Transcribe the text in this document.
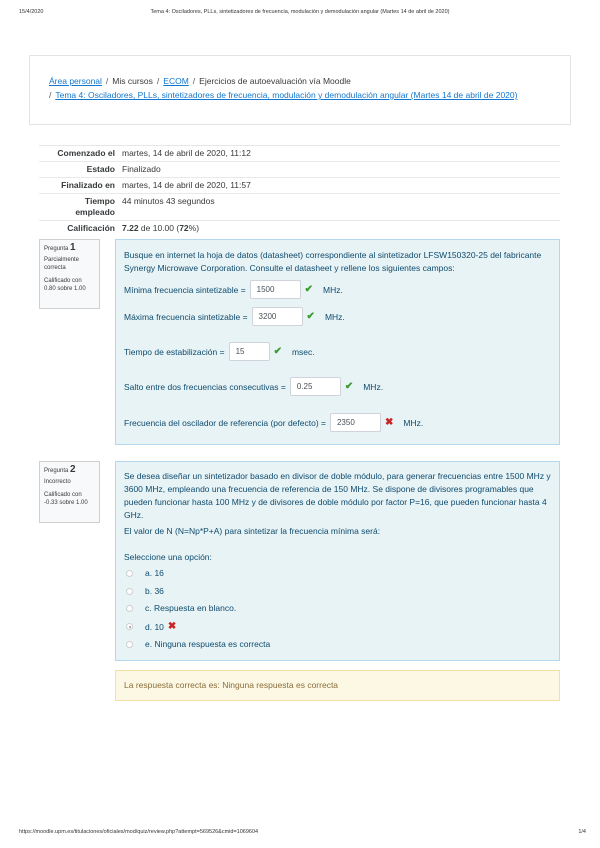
15/4/2020	Tema 4: Osciladores, PLLs, sintetizadores de frecuencia, modulación y demodulación angular (Martes 14 de abril de 2020)
Área personal / Mis cursos / ECOM / Ejercicios de autoevaluación vía Moodle
/ Tema 4: Osciladores, PLLs, sintetizadores de frecuencia, modulación y demodulación angular (Martes 14 de abril de 2020)
Comenzado el martes, 14 de abril de 2020, 11:12
Estado Finalizado
Finalizado en martes, 14 de abril de 2020, 11:57
Tiempo
empleado
44 minutos 43 segundos
Calificación 7.22 de 10.00 (72%)
Pregunta 1
Parcialmente correcta
Calificado con 0.80 sobre 1.00
Busque en internet la hoja de datos (datasheet) correspondiente al sintetizador LFSW150320-25 del fabricante Synergy Microwave Corporation. Consulte el datasheet y rellene los siguientes campos:
Mínima frecuencia sintetizable =	1500	✔ MHz.
Máxima frecuencia sintetizable =	3200	✔ MHz.
Tiempo de estabilización =	15	✔ msec.
Salto entre dos frecuencias consecutivas =	0.25	✔ MHz.
Frecuencia del oscilador de referencia (por defecto) =	2350	✖ MHz.
Pregunta 2
Incorrecto
Calificado con -0.33 sobre 1.00
Se desea diseñar un sintetizador basado en divisor de doble módulo, para generar frecuencias entre 1500 MHz y 3600 MHz, empleando una frecuencia de referencia de 150 MHz. Se dispone de divisores programables que pueden funcionar hasta 100 MHz y de divisores de doble módulo por factor P=16, que pueden funcionar hasta 4 GHz.
El valor de N (N=Np*P+A) para sintetizar la frecuencia mínima será:
Seleccione una opción:
a. 16
b. 36
c. Respuesta en blanco.
d. 10 ✖
e. Ninguna respuesta es correcta
La respuesta correcta es: Ninguna respuesta es correcta
https://moodle.upm.es/titulaciones/oficiales/mod/quiz/review.php?attempt=569526&cmid=1069604	1/4
